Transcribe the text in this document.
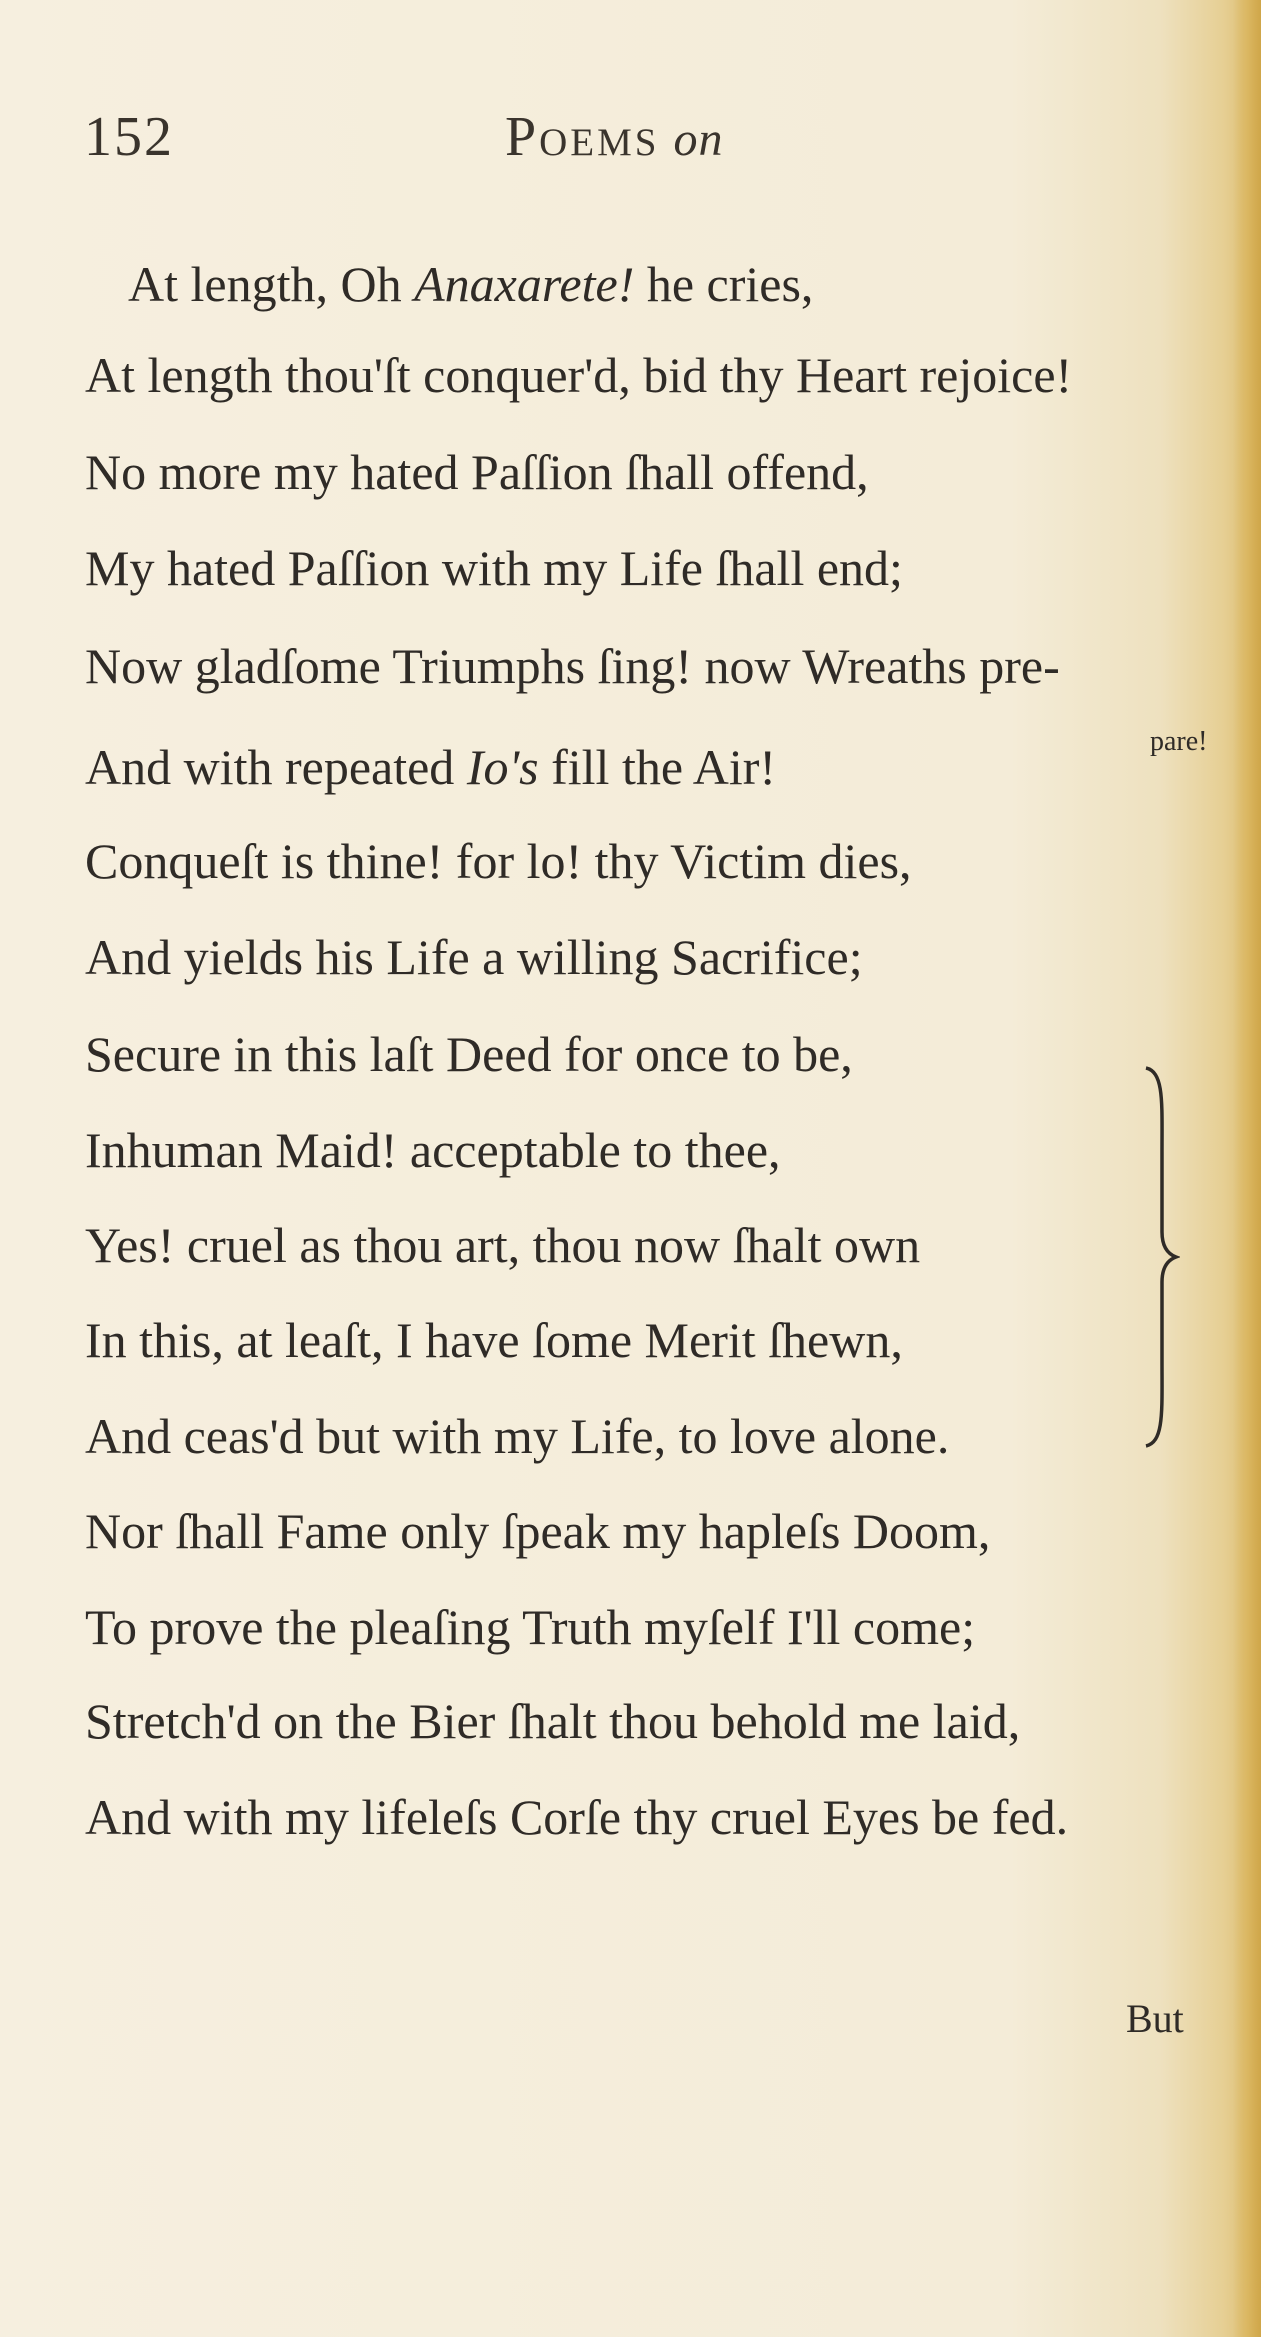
152	Poems on
At length, Oh Anaxarete! he cries,
At length thou'ſt conquer'd, bid thy Heart rejoice!
No more my hated Paſſion ſhall offend,
My hated Paſſion with my Life ſhall end;
Now gladſome Triumphs ſing! now Wreaths pre-
pare!
And with repeated Io's fill the Air!
Conqueſt is thine! for lo! thy Victim dies,
And yields his Life a willing Sacrifice;
Secure in this laſt Deed for once to be,
Inhuman Maid! acceptable to thee,
Yes! cruel as thou art, thou now ſhalt own
In this, at leaſt, I have ſome Merit ſhewn,
And ceas'd but with my Life, to love alone.
Nor ſhall Fame only ſpeak my hapleſs Doom,
To prove the pleaſing Truth myſelf I'll come;
Stretch'd on the Bier ſhalt thou behold me laid,
And with my lifeleſs Corſe thy cruel Eyes be fed.
But
